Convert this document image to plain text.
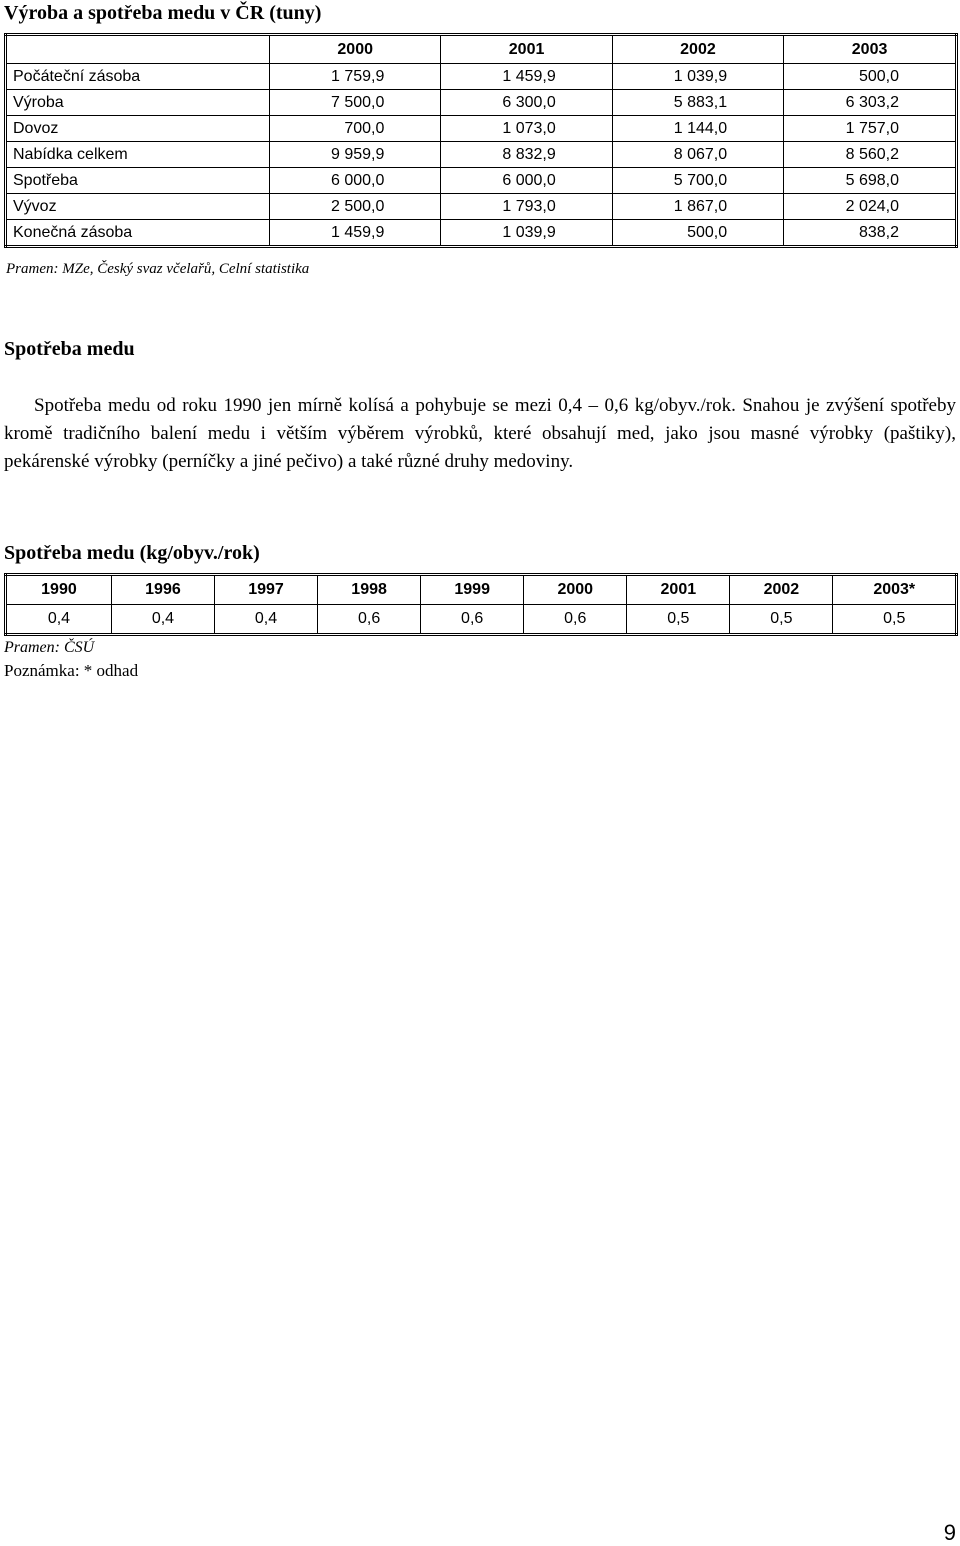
Výroba a spotřeba medu v ČR (tuny)
	2000	2001	2002	2003
Počáteční zásoba	1 759,9	1 459,9	1 039,9	500,0
Výroba	7 500,0	6 300,0	5 883,1	6 303,2
Dovoz	700,0	1 073,0	1 144,0	1 757,0
Nabídka celkem	9 959,9	8 832,9	8 067,0	8 560,2
Spotřeba	6 000,0	6 000,0	5 700,0	5 698,0
Vývoz	2 500,0	1 793,0	1 867,0	2 024,0
Konečná zásoba	1 459,9	1 039,9	500,0	838,2
Pramen: MZe, Český svaz včelařů, Celní statistika
Spotřeba medu

Spotřeba medu od roku 1990 jen mírně kolísá a pohybuje se mezi 0,4 – 0,6 kg/obyv./rok. Snahou je zvýšení spotřeby kromě tradičního balení medu i větším výběrem výrobků, které obsahují med, jako jsou masné výrobky (paštiky), pekárenské výrobky (perníčky a jiné pečivo) a také různé druhy medoviny.

Spotřeba medu (kg/obyv./rok)
1990	1996	1997	1998	1999	2000	2001	2002	2003*
0,4	0,4	0,4	0,6	0,6	0,6	0,5	0,5	0,5
Pramen: ČSÚ
Poznámka: * odhad
9
